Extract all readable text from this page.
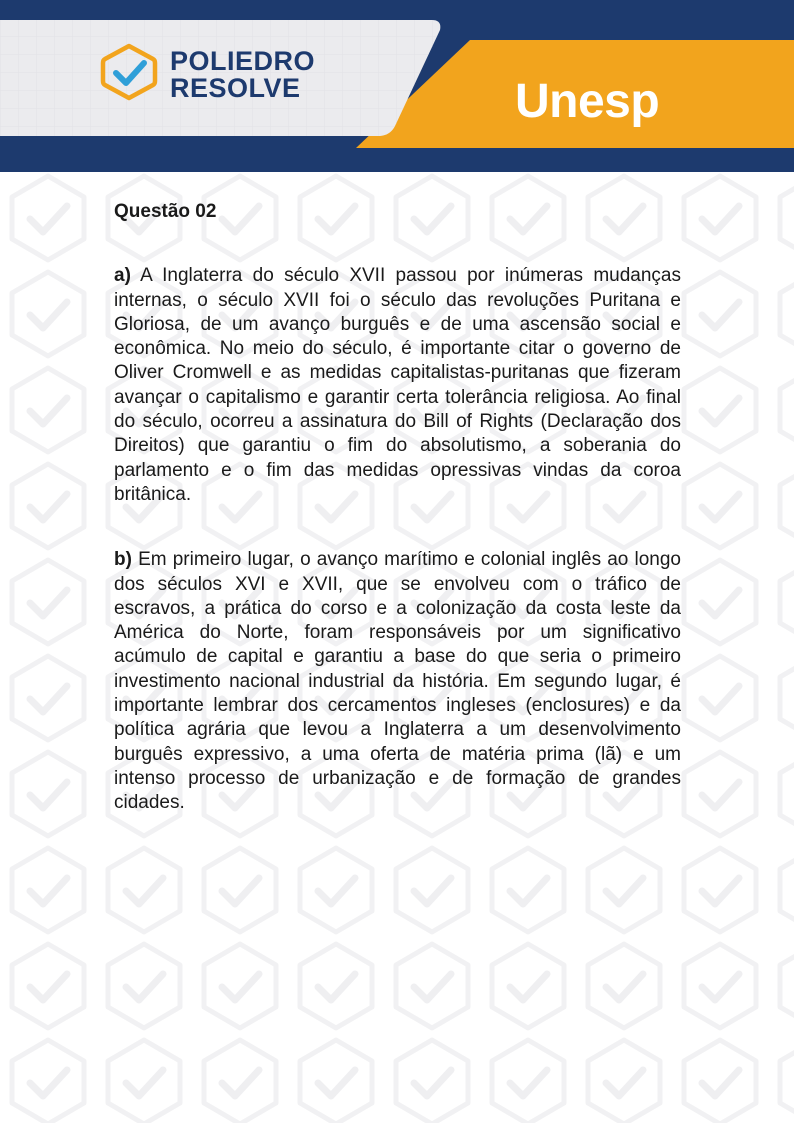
POLIEDRO
RESOLVE	Unesp
Questão 02

a) A Inglaterra do século XVII passou por inúmeras mudanças internas, o século XVII foi o século das revoluções Puritana e Gloriosa, de um avanço burguês e de uma ascensão social e econômica. No meio do século, é importante citar o governo de Oliver Cromwell e as medidas capitalistas-puritanas que fizeram avançar o capitalismo e garantir certa tolerância religiosa. Ao final do século, ocorreu a assinatura do Bill of Rights (Declaração dos Direitos) que garantiu o fim do absolutismo, a soberania do parlamento e o fim das medidas opressivas vindas da coroa britânica.

b) Em primeiro lugar, o avanço marítimo e colonial inglês ao longo dos séculos XVI e XVII, que se envolveu com o tráfico de escravos, a prática do corso e a colonização da costa leste da América do Norte, foram responsáveis por um significativo acúmulo de capital e garantiu a base do que seria o primeiro investimento nacional industrial da história. Em segundo lugar, é importante lembrar dos cercamentos ingleses (enclosures) e da política agrária que levou a Inglaterra a um desenvolvimento burguês expressivo, a uma oferta de matéria prima (lã) e um intenso processo de urbanização e de formação de grandes cidades.
